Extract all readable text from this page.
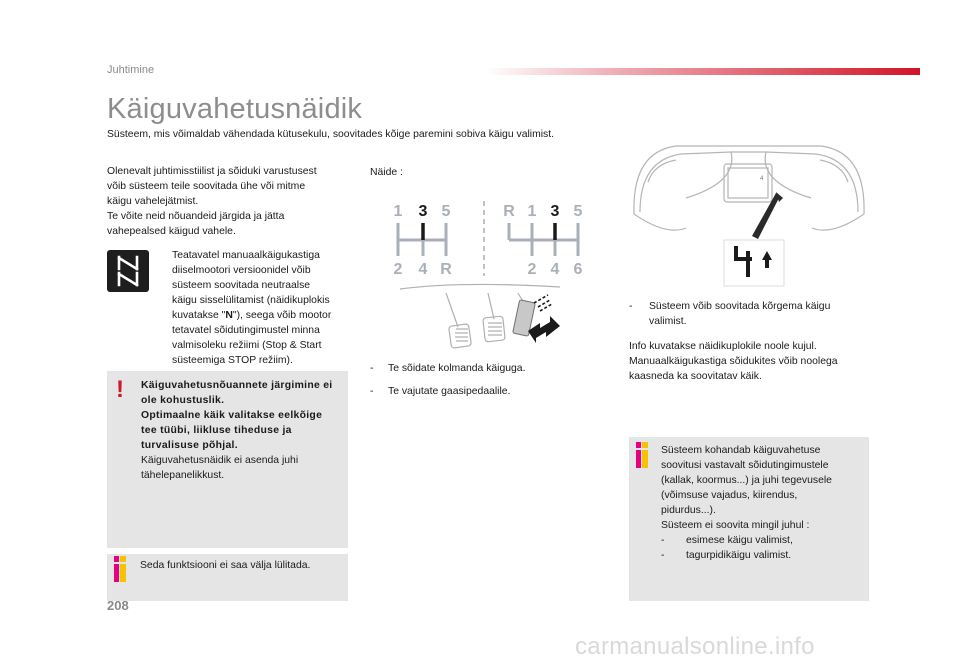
Juhtimine
Käiguvahetusnäidik
Süsteem, mis võimaldab vähendada kütusekulu, soovitades kõige paremini sobiva käigu valimist.
Olenevalt juhtimisstiilist ja sõiduki varustusest
võib süsteem teile soovitada ühe või mitme
käigu vahelejätmist.
Te võite neid nõuandeid järgida ja jätta
vahepealsed käigud vahele.
Teatavatel manuaalkäigukastiga
diiselmootori versioonidel võib
süsteem soovitada neutraalse
käigu sisselülitamist (näidikuplokis
kuvatakse "N"), seega võib mootor
tetavatel sõidutingimustel minna
valmisoleku režiimi (Stop & Start
süsteemiga STOP režiim).
! Käiguvahetusnõuannete järgimine ei
ole kohustuslik.
Optimaalne käik valitakse eelkõige
tee tüübi, liikluse tiheduse ja
turvalisuse põhjal.
Käiguvahetusnäidik ei asenda juhi
tähelepanelikkust.
Seda funktsiooni ei saa välja lülitada.
Näide :
1 3 5
2 4 R
R 1 3 5
2 4 6
- Te sõidate kolmanda käiguga.
- Te vajutate gaasipedaalile.
4
- Süsteem võib soovitada kõrgema käigu
valimist.
Info kuvatakse näidikuplokile noole kujul.
Manuaalkäigukastiga sõidukites võib noolega
kaasneda ka soovitatav käik.
Süsteem kohandab käiguvahetuse
soovitusi vastavalt sõidutingimustele
(kallak, koormus...) ja juhi tegevusele
(võimsuse vajadus, kiirendus,
pidurdus...).
Süsteem ei soovita mingil juhul :
- esimese käigu valimist,
- tagurpidikäigu valimist.
208
carmanualsonline.info
